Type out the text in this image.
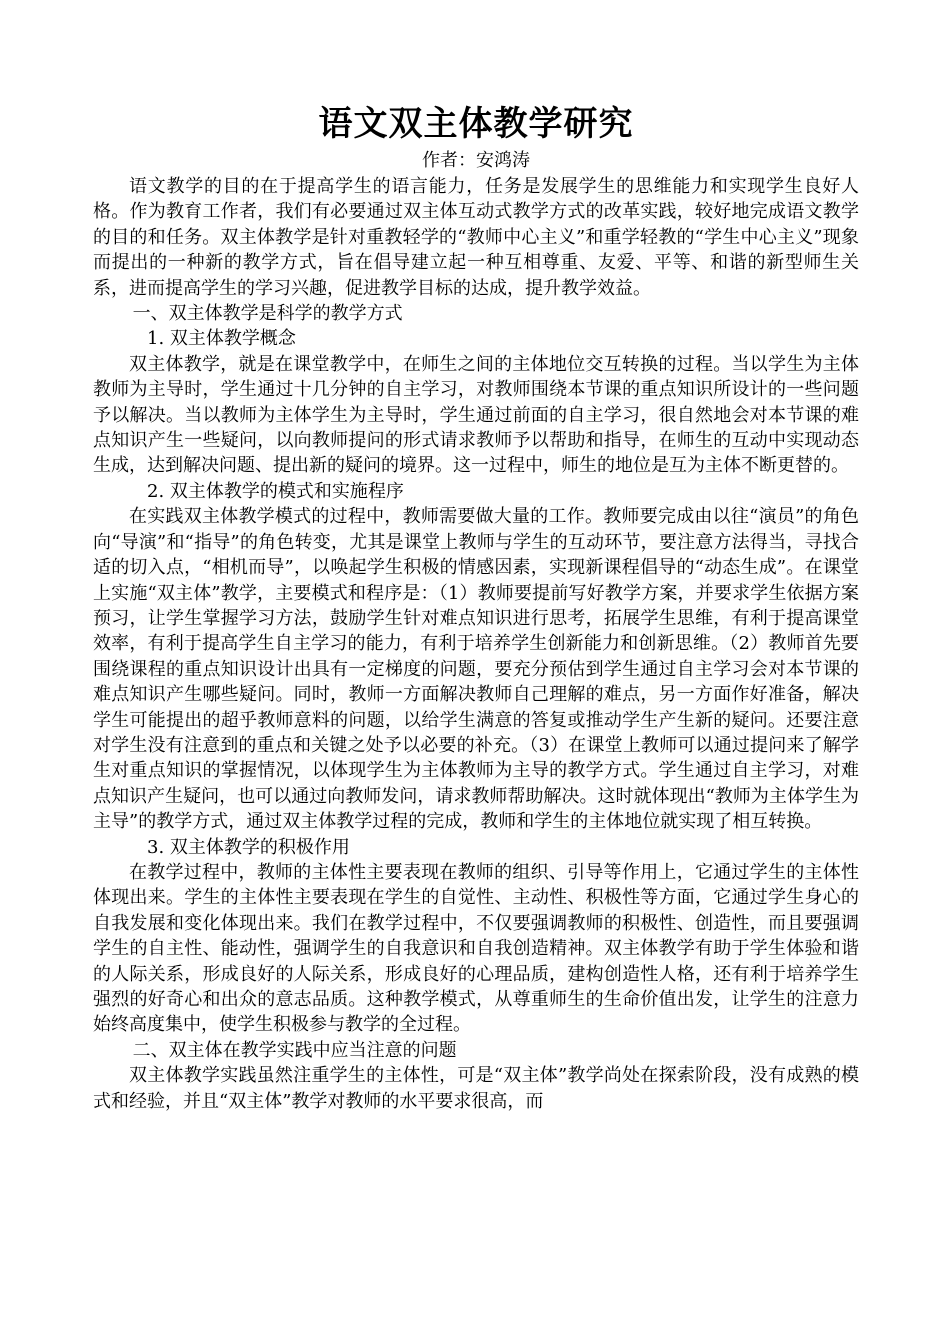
语文双主体教学研究

作者：安鸿涛

语文教学的目的在于提高学生的语言能力，任务是发展学生的思维能力和实现学生良好人格。作为教育工作者，我们有必要通过双主体互动式教学方式的改革实践，较好地完成语文教学的目的和任务。双主体教学是针对重教轻学的“教师中心主义”和重学轻教的“学生中心主义”现象而提出的一种新的教学方式，旨在倡导建立起一种互相尊重、友爱、平等、和谐的新型师生关系，进而提高学生的学习兴趣，促进教学目标的达成，提升教学效益。

一、双主体教学是科学的教学方式

1. 双主体教学概念

双主体教学，就是在课堂教学中，在师生之间的主体地位交互转换的过程。当以学生为主体教师为主导时，学生通过十几分钟的自主学习，对教师围绕本节课的重点知识所设计的一些问题予以解决。当以教师为主体学生为主导时，学生通过前面的自主学习，很自然地会对本节课的难点知识产生一些疑问，以向教师提问的形式请求教师予以帮助和指导，在师生的互动中实现动态生成，达到解决问题、提出新的疑问的境界。这一过程中，师生的地位是互为主体不断更替的。

2. 双主体教学的模式和实施程序

在实践双主体教学模式的过程中，教师需要做大量的工作。教师要完成由以往“演员”的角色向“导演”和“指导”的角色转变，尤其是课堂上教师与学生的互动环节，要注意方法得当，寻找合适的切入点，“相机而导”，以唤起学生积极的情感因素，实现新课程倡导的“动态生成”。在课堂上实施“双主体”教学，主要模式和程序是：（1）教师要提前写好教学方案，并要求学生依据方案预习，让学生掌握学习方法，鼓励学生针对难点知识进行思考，拓展学生思维，有利于提高课堂效率，有利于提高学生自主学习的能力，有利于培养学生创新能力和创新思维。（2）教师首先要围绕课程的重点知识设计出具有一定梯度的问题，要充分预估到学生通过自主学习会对本节课的难点知识产生哪些疑问。同时，教师一方面解决教师自己理解的难点，另一方面作好准备，解决学生可能提出的超乎教师意料的问题，以给学生满意的答复或推动学生产生新的疑问。还要注意对学生没有注意到的重点和关键之处予以必要的补充。（3）在课堂上教师可以通过提问来了解学生对重点知识的掌握情况，以体现学生为主体教师为主导的教学方式。学生通过自主学习，对难点知识产生疑问，也可以通过向教师发问，请求教师帮助解决。这时就体现出“教师为主体学生为主导”的教学方式，通过双主体教学过程的完成，教师和学生的主体地位就实现了相互转换。

3. 双主体教学的积极作用

在教学过程中，教师的主体性主要表现在教师的组织、引导等作用上，它通过学生的主体性体现出来。学生的主体性主要表现在学生的自觉性、主动性、积极性等方面，它通过学生身心的自我发展和变化体现出来。我们在教学过程中，不仅要强调教师的积极性、创造性，而且要强调学生的自主性、能动性，强调学生的自我意识和自我创造精神。双主体教学有助于学生体验和谐的人际关系，形成良好的人际关系，形成良好的心理品质，建构创造性人格，还有利于培养学生强烈的好奇心和出众的意志品质。这种教学模式，从尊重师生的生命价值出发，让学生的注意力始终高度集中，使学生积极参与教学的全过程。

二、双主体在教学实践中应当注意的问题

双主体教学实践虽然注重学生的主体性，可是“双主体”教学尚处在探索阶段，没有成熟的模式和经验，并且“双主体”教学对教师的水平要求很高，而
